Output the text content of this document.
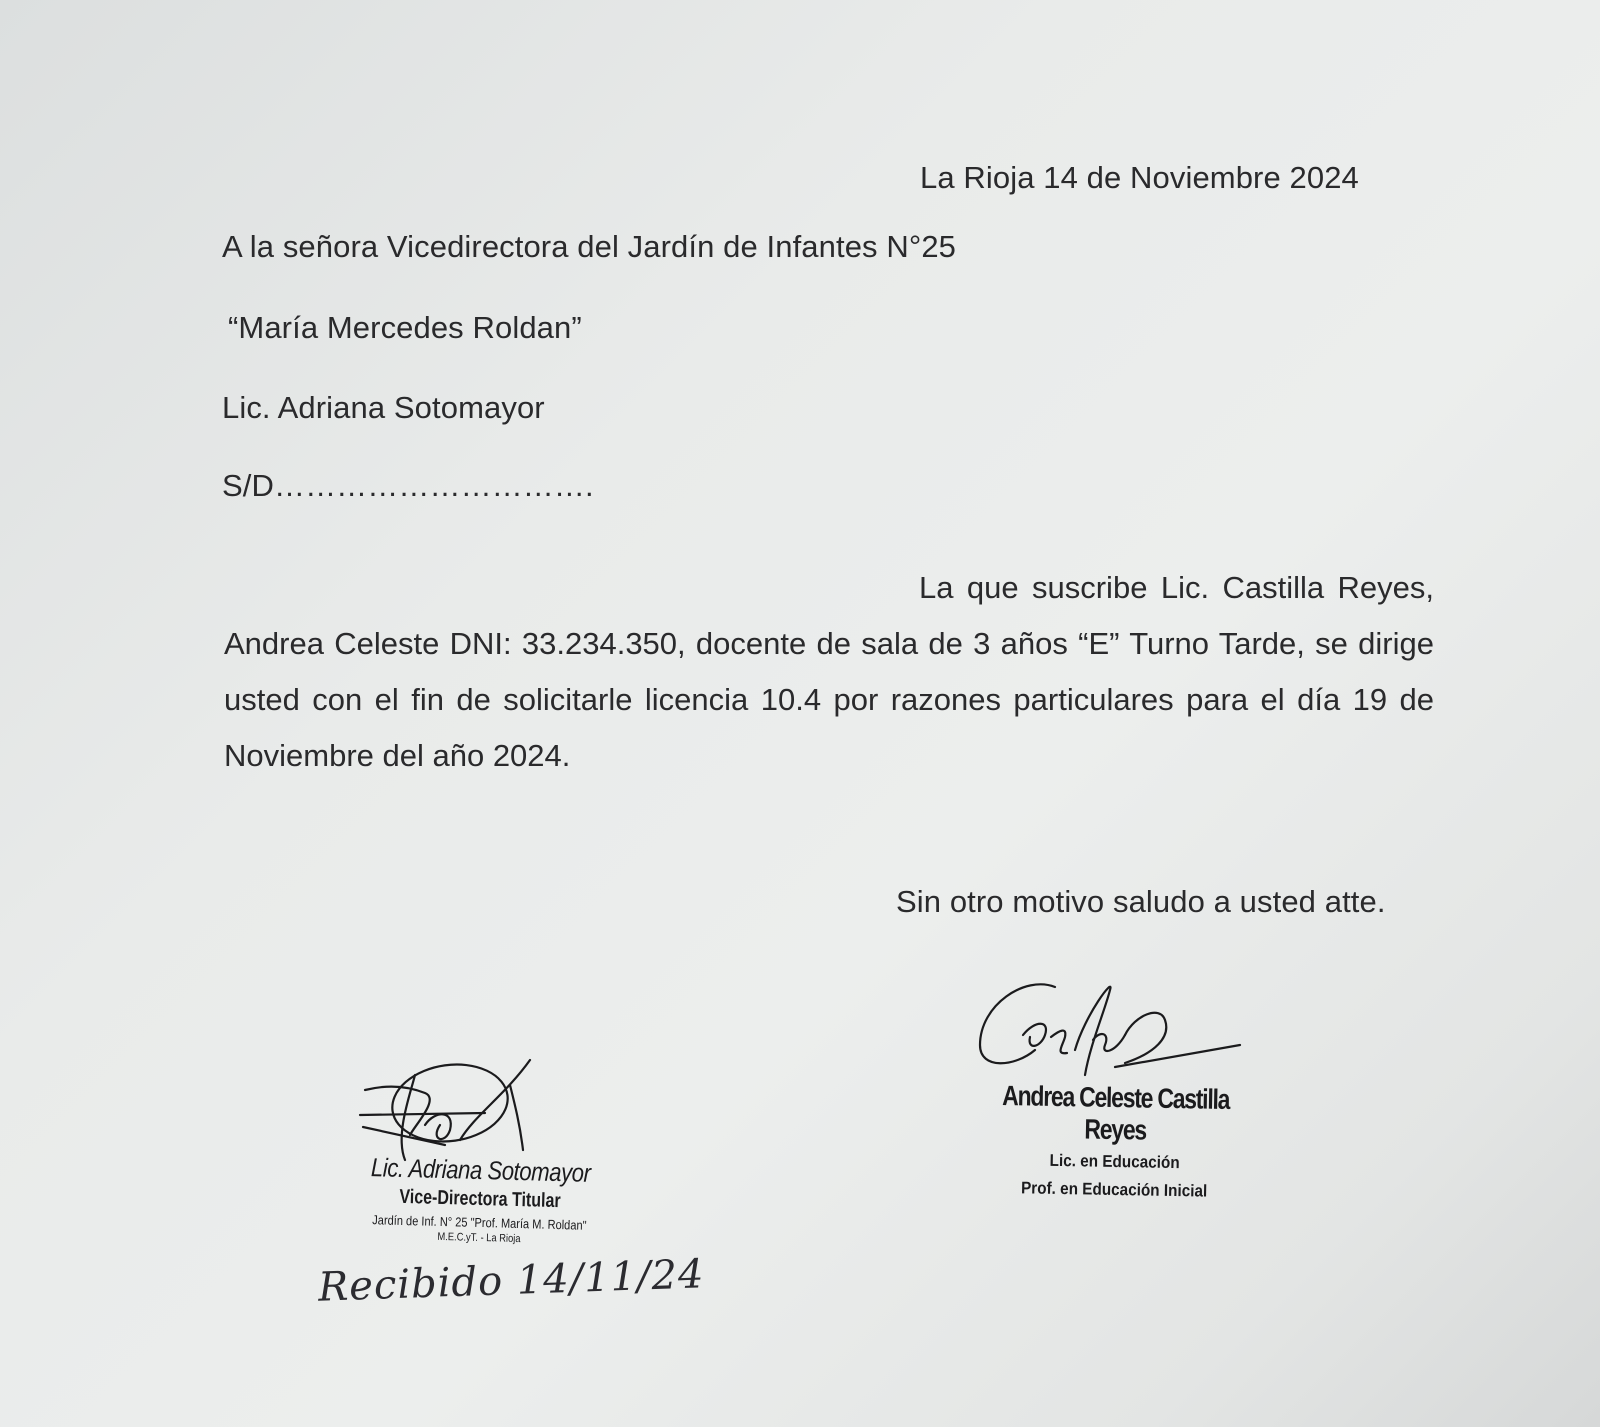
La Rioja 14 de Noviembre 2024

A la señora Vicedirectora del Jardín de Infantes N°25

“María Mercedes Roldan”

Lic. Adriana Sotomayor

S/D………………………….

La que suscribe Lic. Castilla Reyes, Andrea Celeste DNI: 33.234.350, docente de sala de 3 años “E” Turno Tarde, se dirige usted con el fin de solicitarle licencia 10.4 por razones particulares para el día 19 de Noviembre del año 2024.

Sin otro motivo saludo a usted atte.

Andrea Celeste Castilla Reyes
Lic. en Educación
Prof. en Educación Inicial
Lic. Adriana Sotomayor
Vice-Directora Titular
Jardín de Inf. N° 25 "Prof. María M. Roldan"
M.E.C.yT. - La Rioja
Recibido 14/11/24
